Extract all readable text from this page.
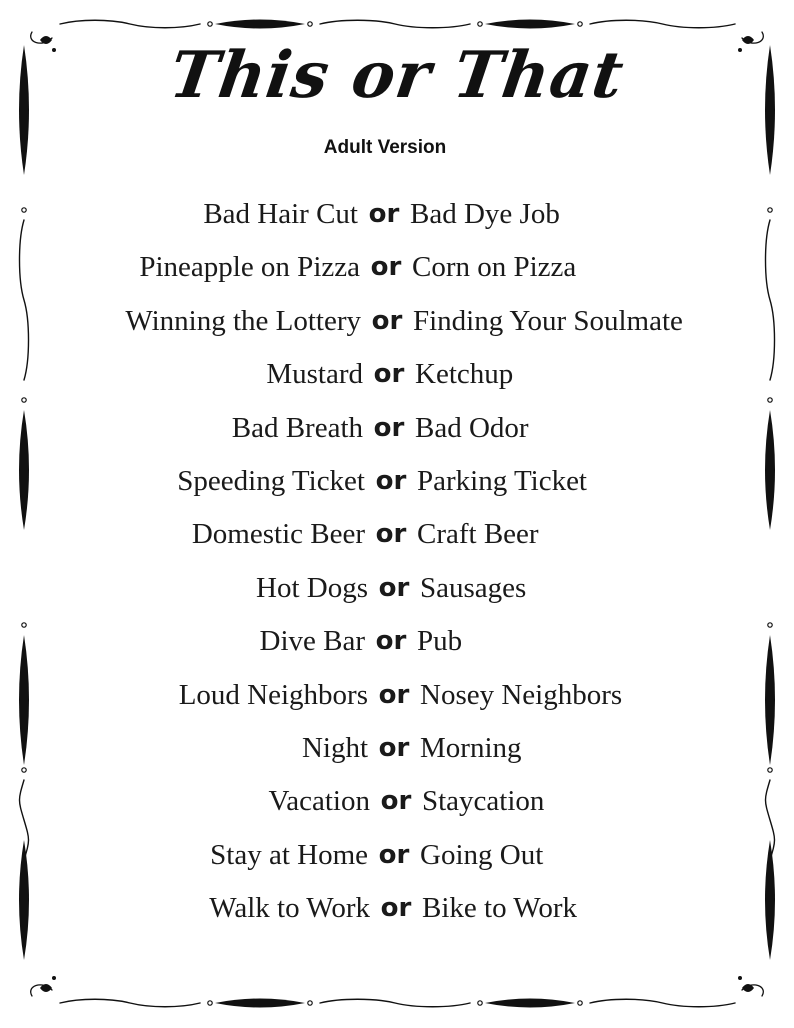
This or That
Adult Version
Bad Hair Cut or Bad Dye Job
Pineapple on Pizza or Corn on Pizza
Winning the Lottery or Finding Your Soulmate
Mustard or Ketchup
Bad Breath or Bad Odor
Speeding Ticket or Parking Ticket
Domestic Beer or Craft Beer
Hot Dogs or Sausages
Dive Bar or Pub
Loud Neighbors or Nosey Neighbors
Night or Morning
Vacation or Staycation
Stay at Home or Going Out
Walk to Work or Bike to Work
